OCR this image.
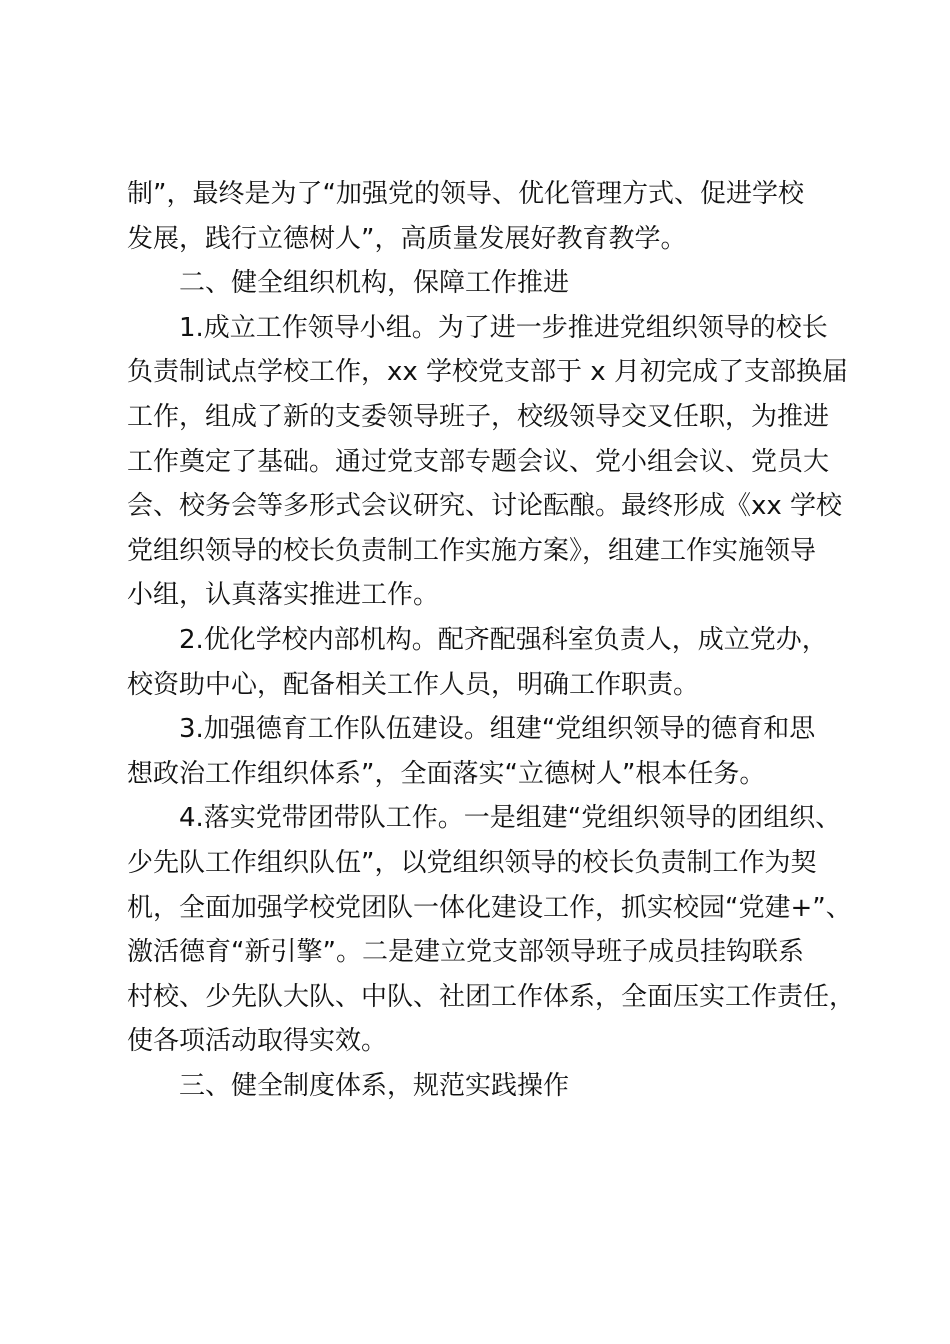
制”，最终是为了“加强党的领导、优化管理方式、促进学校
发展，践行立德树人”，高质量发展好教育教学。
二、健全组织机构，保障工作推进
1.成立工作领导小组。为了进一步推进党组织领导的校长
负责制试点学校工作，xx 学校党支部于 x 月初完成了支部换届
工作，组成了新的支委领导班子，校级领导交叉任职，为推进
工作奠定了基础。通过党支部专题会议、党小组会议、党员大
会、校务会等多形式会议研究、讨论酝酿。最终形成《xx 学校
党组织领导的校长负责制工作实施方案》，组建工作实施领导
小组，认真落实推进工作。
2.优化学校内部机构。配齐配强科室负责人，成立党办，
校资助中心，配备相关工作人员，明确工作职责。
3.加强德育工作队伍建设。组建“党组织领导的德育和思
想政治工作组织体系”，全面落实“立德树人”根本任务。
4.落实党带团带队工作。一是组建“党组织领导的团组织、
少先队工作组织队伍”，以党组织领导的校长负责制工作为契
机，全面加强学校党团队一体化建设工作，抓实校园“党建+”、
激活德育“新引擎”。二是建立党支部领导班子成员挂钩联系
村校、少先队大队、中队、社团工作体系，全面压实工作责任，
使各项活动取得实效。
三、健全制度体系，规范实践操作
